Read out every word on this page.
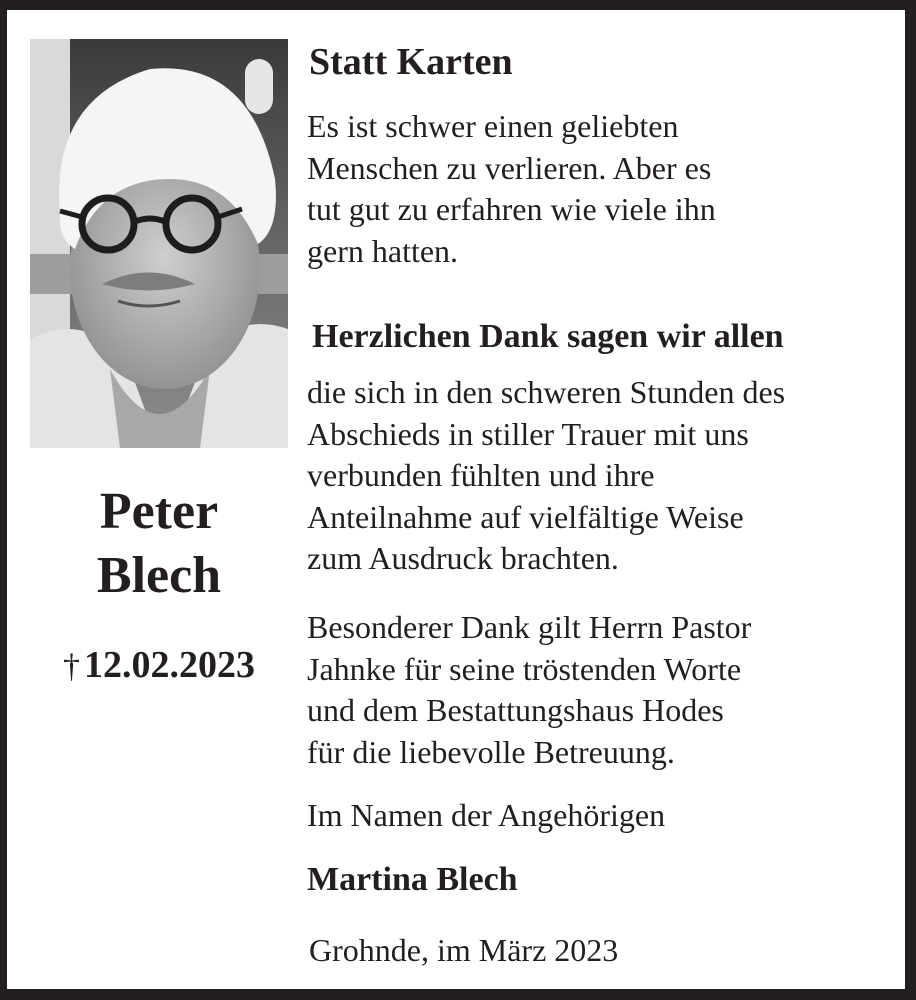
Peter
Blech
† 12.02.2023
Statt Karten
Es ist schwer einen geliebten
Menschen zu verlieren. Aber es
tut gut zu erfahren wie viele ihn
gern hatten.
Herzlichen Dank sagen wir allen
die sich in den schweren Stunden des
Abschieds in stiller Trauer mit uns
verbunden fühlten und ihre
Anteilnahme auf vielfältige Weise
zum Ausdruck brachten.
Besonderer Dank gilt Herrn Pastor
Jahnke für seine tröstenden Worte
und dem Bestattungshaus Hodes
für die liebevolle Betreuung.
Im Namen der Angehörigen
Martina Blech
Grohnde, im März 2023
